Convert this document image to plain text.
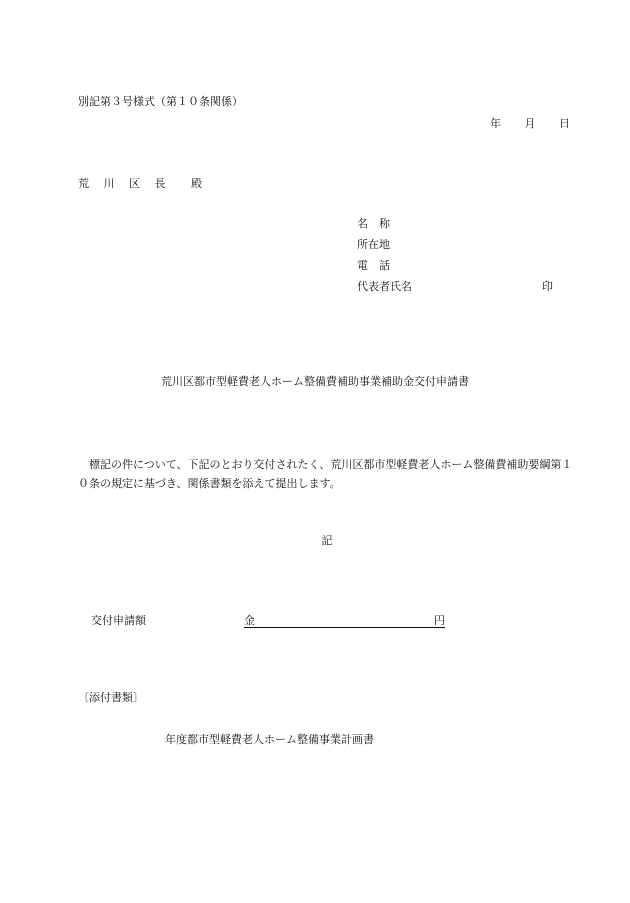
別記第３号様式（第１０条関係）
年 月 日
荒 川 区 長 殿
名　称
所在地
電　話
代表者氏名	印
荒川区都市型軽費老人ホーム整備費補助事業補助金交付申請書
標記の件について、下記のとおり交付されたく、荒川区都市型軽費老人ホーム整備費補助要綱第１０条の規定に基づき、関係書類を添えて提出します。
記
交付申請額	金	円
〔添付書類〕
年度都市型軽費老人ホーム整備事業計画書
